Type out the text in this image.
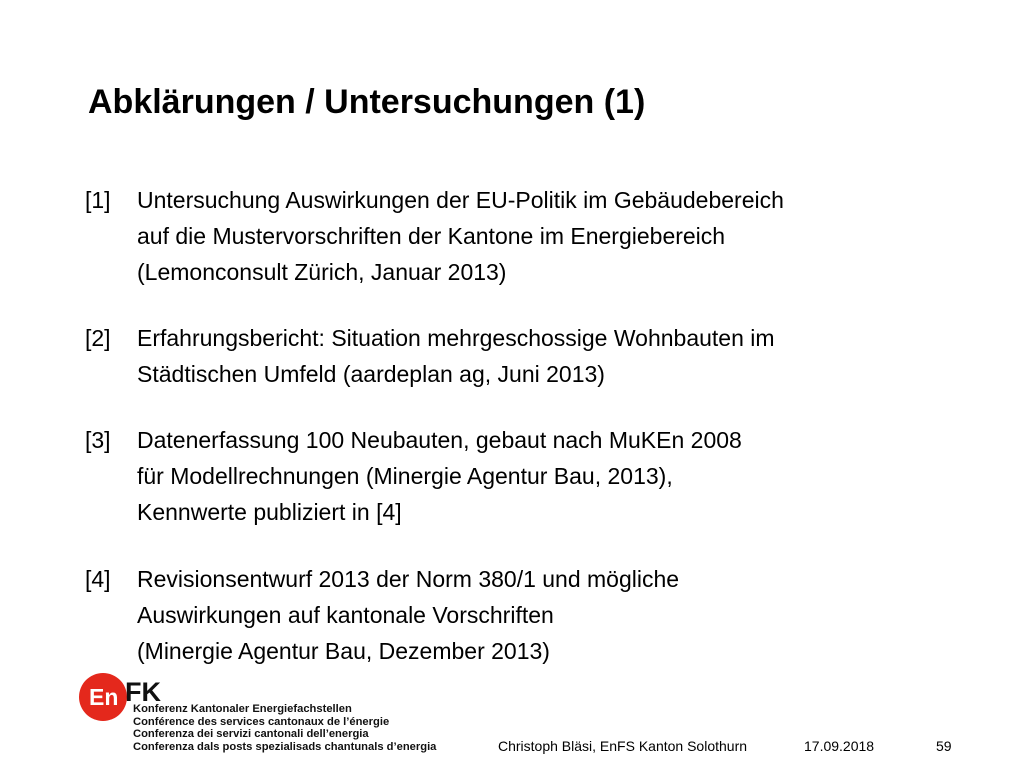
Abklärungen / Untersuchungen (1)
[1] Untersuchung Auswirkungen der EU-Politik im Gebäudebereich
auf die Mustervorschriften der Kantone im Energiebereich
(Lemonconsult Zürich, Januar 2013)
[2] Erfahrungsbericht: Situation mehrgeschossige Wohnbauten im
Städtischen Umfeld (aardeplan ag, Juni 2013)
[3] Datenerfassung 100 Neubauten, gebaut nach MuKEn 2008
für Modellrechnungen (Minergie Agentur Bau, 2013),
Kennwerte publiziert in [4]
[4] Revisionsentwurf 2013 der Norm 380/1 und mögliche
Auswirkungen auf kantonale Vorschriften
(Minergie Agentur Bau, Dezember 2013)
En FK
Konferenz Kantonaler Energiefachstellen
Conférence des services cantonaux de l’énergie
Conferenza dei servizi cantonali dell’energia
Conferenza dals posts spezialisads chantunals d’energia	Christoph Bläsi, EnFS Kanton Solothurn	17.09.2018	59
